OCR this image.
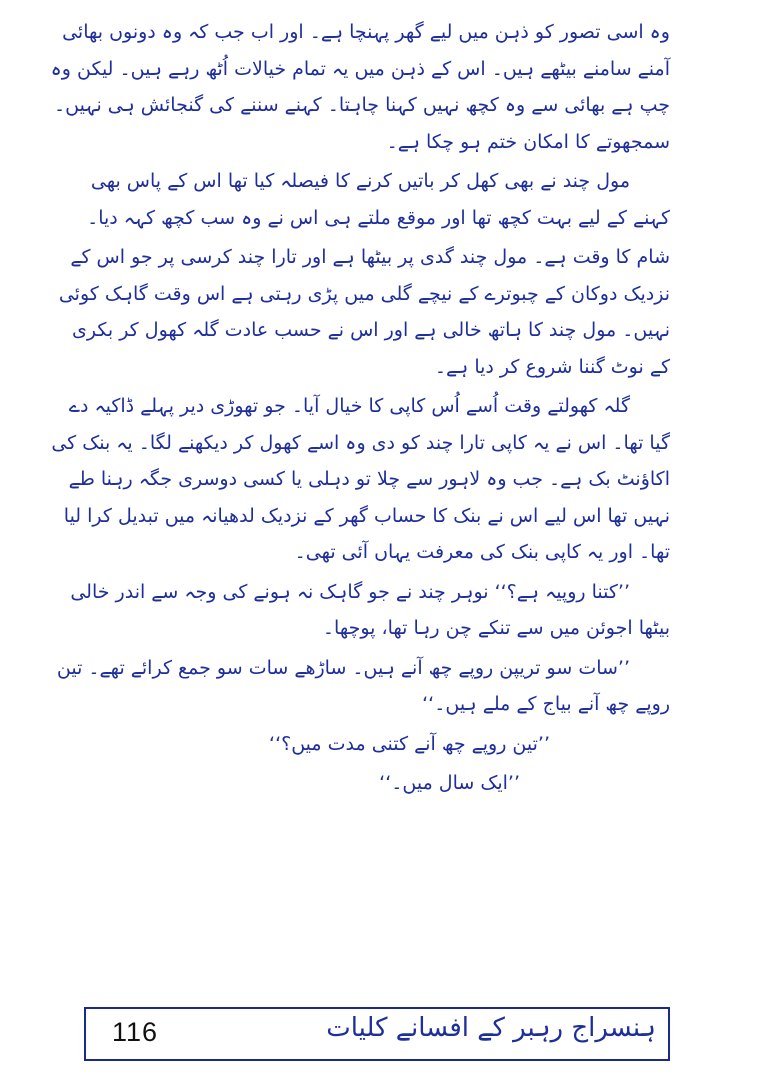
وہ اسی تصور کو ذہن میں لیے گھر پہنچا ہے۔ اور اب جب کہ وہ دونوں بھائی آمنے سامنے بیٹھے ہیں۔ اس کے ذہن میں یہ تمام خیالات اُٹھ رہے ہیں۔ لیکن وہ چپ ہے بھائی سے وہ کچھ نہیں کہنا چاہتا۔ کہنے سننے کی گنجائش ہی نہیں۔ سمجھوتے کا امکان ختم ہو چکا ہے۔

مول چند نے بھی کھل کر باتیں کرنے کا فیصلہ کیا تھا اس کے پاس بھی کہنے کے لیے بہت کچھ تھا اور موقع ملتے ہی اس نے وہ سب کچھ کہہ دیا۔

شام کا وقت ہے۔ مول چند گدی پر بیٹھا ہے اور تارا چند کرسی پر جو اس کے نزدیک دوکان کے چبوترے کے نیچے گلی میں پڑی رہتی ہے اس وقت گاہک کوئی نہیں۔ مول چند کا ہاتھ خالی ہے اور اس نے حسب عادت گلہ کھول کر بکری کے نوٹ گننا شروع کر دیا ہے۔

گلہ کھولتے وقت اُسے اُس کاپی کا خیال آیا۔ جو تھوڑی دیر پہلے ڈاکیہ دے گیا تھا۔ اس نے یہ کاپی تارا چند کو دی وہ اسے کھول کر دیکھنے لگا۔ یہ بنک کی اکاؤنٹ بک ہے۔ جب وہ لاہور سے چلا تو دہلی یا کسی دوسری جگہ رہنا طے نہیں تھا اس لیے اس نے بنک کا حساب گھر کے نزدیک لدھیانہ میں تبدیل کرا لیا تھا۔ اور یہ کاپی بنک کی معرفت یہاں آئی تھی۔

’’کتنا روپیہ ہے؟‘‘ نوہر چند نے جو گاہک نہ ہونے کی وجہ سے اندر خالی بیٹھا اجوئن میں سے تنکے چن رہا تھا، پوچھا۔

’’سات سو تریپن روپے چھ آنے ہیں۔ ساڑھے سات سو جمع کرائے تھے۔ تین روپے چھ آنے بیاج کے ملے ہیں۔‘‘

’’تین روپے چھ آنے کتنی مدت میں؟‘‘

’’ایک سال میں۔‘‘

116	ہنسراج رہبر کے افسانے کلیات
